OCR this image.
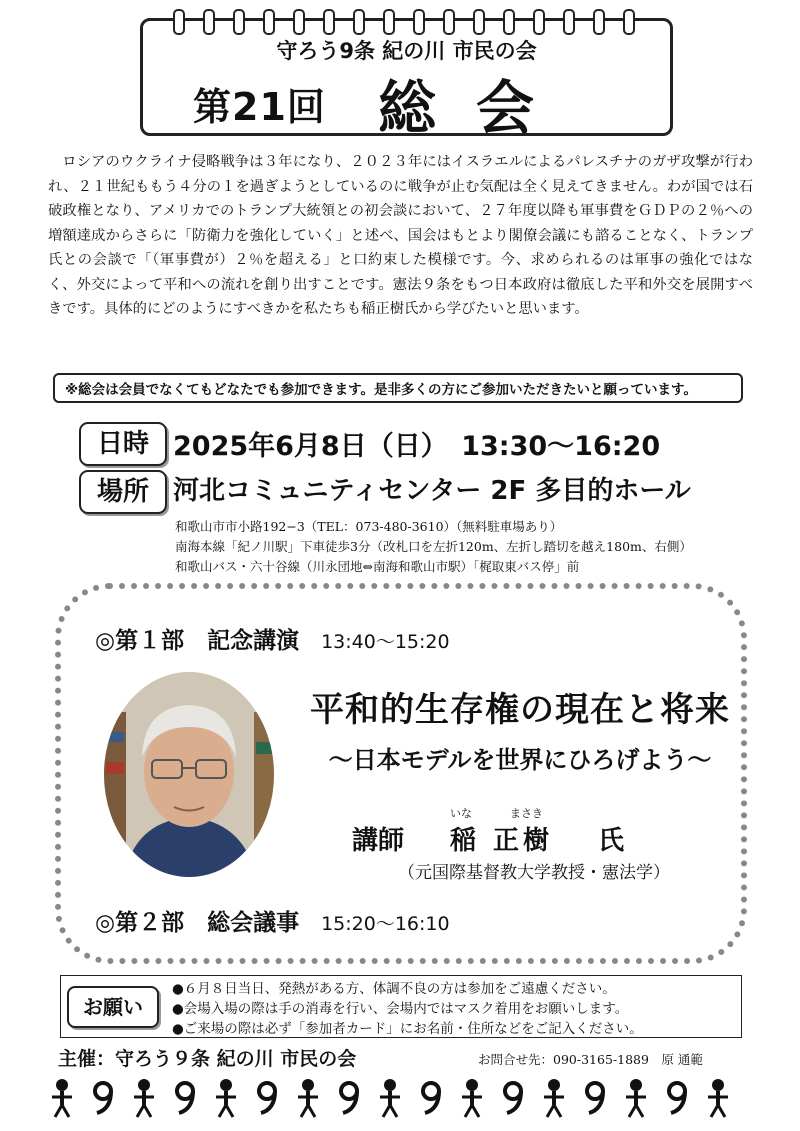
守ろう9条 紀の川 市民の会
第21回 総会
ロシアのウクライナ侵略戦争は３年になり、２０２３年にはイスラエルによるパレスチナのガザ攻撃が行われ、２１世紀ももう４分の１を過ぎようとしているのに戦争が止む気配は全く見えてきません。わが国では石破政権となり、アメリカでのトランプ大統領との初会談において、２７年度以降も軍事費をＧＤＰの２％への増額達成からさらに「防衛力を強化していく」と述べ、国会はもとより閣僚会議にも諮ることなく、トランプ氏との会談で「（軍事費が）２％を超える」と口約束した模様です。今、求められるのは軍事の強化ではなく、外交によって平和への流れを創り出すことです。憲法９条をもつ日本政府は徹底した平和外交を展開すべきです。具体的にどのようにすべきかを私たちも稲正樹氏から学びたいと思います。
※総会は会員でなくてもどなたでも参加できます。是非多くの方にご参加いただきたいと願っています。
日時 2025年6月8日（日）　13:30～16:20
場所 河北コミュニティセンター 2F 多目的ホール
和歌山市市小路192−3（TEL：073-480-3610）（無料駐車場あり）
南海本線「紀ノ川駅」下車徒歩3分（改札口を左折120m、左折し踏切を越え180m、右側）
和歌山バス・六十谷線（川永団地⇔南海和歌山市駅）「梶取東バス停」前
◎第１部　記念講演 13:40～15:20
平和的生存権の現在と将来
～日本モデルを世界にひろげよう～
いな	まさき
講師 稲 正樹 氏
（元国際基督教大学教授・憲法学）
◎第２部　総会議事 15:20～16:10
お願い
●６月８日当日、発熱がある方、体調不良の方は参加をご遠慮ください。
●会場入場の際は手の消毒を行い、会場内ではマスク着用をお願いします。
●ご来場の際は必ず「参加者カード」にお名前・住所などをご記入ください。
主催：守ろう９条 紀の川 市民の会	お問合せ先：090-3165-1889　原 通範
